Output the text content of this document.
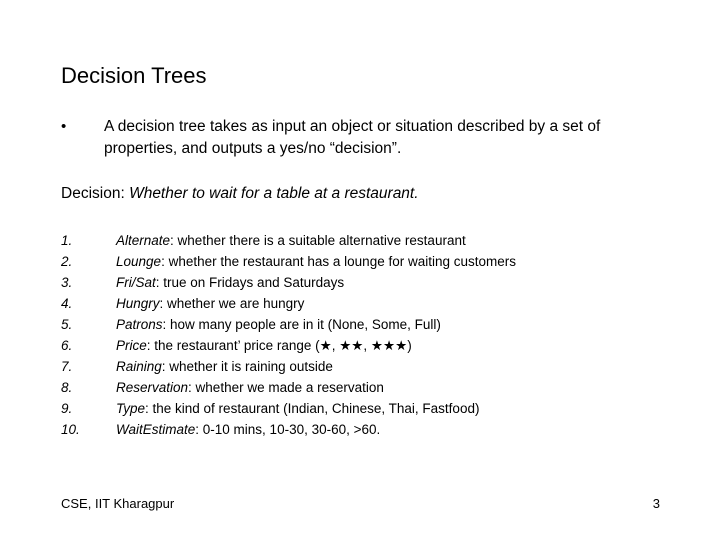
Decision Trees
• A decision tree takes as input an object or situation described by a set of properties, and outputs a yes/no “decision”.
Decision: Whether to wait for a table at a restaurant.
1.	Alternate: whether there is a suitable alternative restaurant
2.	Lounge: whether the restaurant has a lounge for waiting customers
3.	Fri/Sat: true on Fridays and Saturdays
4.	Hungry: whether we are hungry
5.	Patrons: how many people are in it (None, Some, Full)
6.	Price: the restaurant’ price range (★, ★★, ★★★)
7.	Raining: whether it is raining outside
8.	Reservation: whether we made a reservation
9.	Type: the kind of restaurant (Indian, Chinese, Thai, Fastfood)
10.	WaitEstimate: 0-10 mins, 10-30, 30-60, >60.
CSE, IIT Kharagpur	3
